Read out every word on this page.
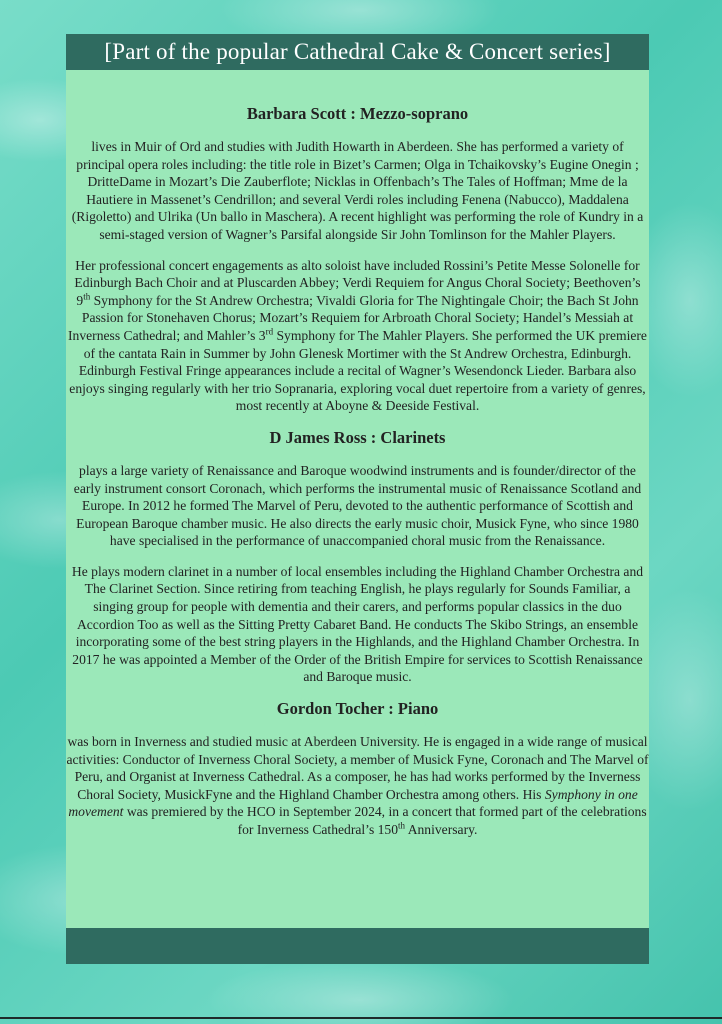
[Part of the popular Cathedral Cake & Concert series]
Barbara Scott : Mezzo-soprano

lives in Muir of Ord and studies with Judith Howarth in Aberdeen. She has performed a variety of principal opera roles including: the title role in Bizet’s Carmen; Olga in Tchaikovsky’s Eugine Onegin ; DritteDame in Mozart’s Die Zauberflote; Nicklas in Offenbach’s The Tales of Hoffman; Mme de la Hautiere in Massenet’s Cendrillon; and several Verdi roles including Fenena (Nabucco), Maddalena (Rigoletto) and Ulrika (Un ballo in Maschera). A recent highlight was performing the role of Kundry in a semi-staged version of Wagner’s Parsifal alongside Sir John Tomlinson for the Mahler Players.

Her professional concert engagements as alto soloist have included Rossini’s Petite Messe Solonelle for Edinburgh Bach Choir and at Pluscarden Abbey; Verdi Requiem for Angus Choral Society; Beethoven’s 9th Symphony for the St Andrew Orchestra; Vivaldi Gloria for The Nightingale Choir; the Bach St John Passion for Stonehaven Chorus; Mozart’s Requiem for Arbroath Choral Society; Handel’s Messiah at Inverness Cathedral; and Mahler’s 3rd Symphony for The Mahler Players. She performed the UK premiere of the cantata Rain in Summer by John Glenesk Mortimer with the St Andrew Orchestra, Edinburgh. Edinburgh Festival Fringe appearances include a recital of Wagner’s Wesendonck Lieder. Barbara also enjoys singing regularly with her trio Sopranaria, exploring vocal duet repertoire from a variety of genres, most recently at Aboyne & Deeside Festival.

D James Ross : Clarinets

plays a large variety of Renaissance and Baroque woodwind instruments and is founder/director of the early instrument consort Coronach, which performs the instrumental music of Renaissance Scotland and Europe. In 2012 he formed The Marvel of Peru, devoted to the authentic performance of Scottish and European Baroque chamber music. He also directs the early music choir, Musick Fyne, who since 1980 have specialised in the performance of unaccompanied choral music from the Renaissance.

He plays modern clarinet in a number of local ensembles including the Highland Chamber Orchestra and The Clarinet Section. Since retiring from teaching English, he plays regularly for Sounds Familiar, a singing group for people with dementia and their carers, and performs popular classics in the duo Accordion Too as well as the Sitting Pretty Cabaret Band. He conducts The Skibo Strings, an ensemble incorporating some of the best string players in the Highlands, and the Highland Chamber Orchestra. In 2017 he was appointed a Member of the Order of the British Empire for services to Scottish Renaissance and Baroque music.

Gordon Tocher : Piano

was born in Inverness and studied music at Aberdeen University. He is engaged in a wide range of musical activities: Conductor of Inverness Choral Society, a member of Musick Fyne, Coronach and The Marvel of Peru, and Organist at Inverness Cathedral. As a composer, he has had works performed by the Inverness Choral Society, MusickFyne and the Highland Chamber Orchestra among others. His Symphony in one movement was premiered by the HCO in September 2024, in a concert that formed part of the celebrations for Inverness Cathedral’s 150th Anniversary.
